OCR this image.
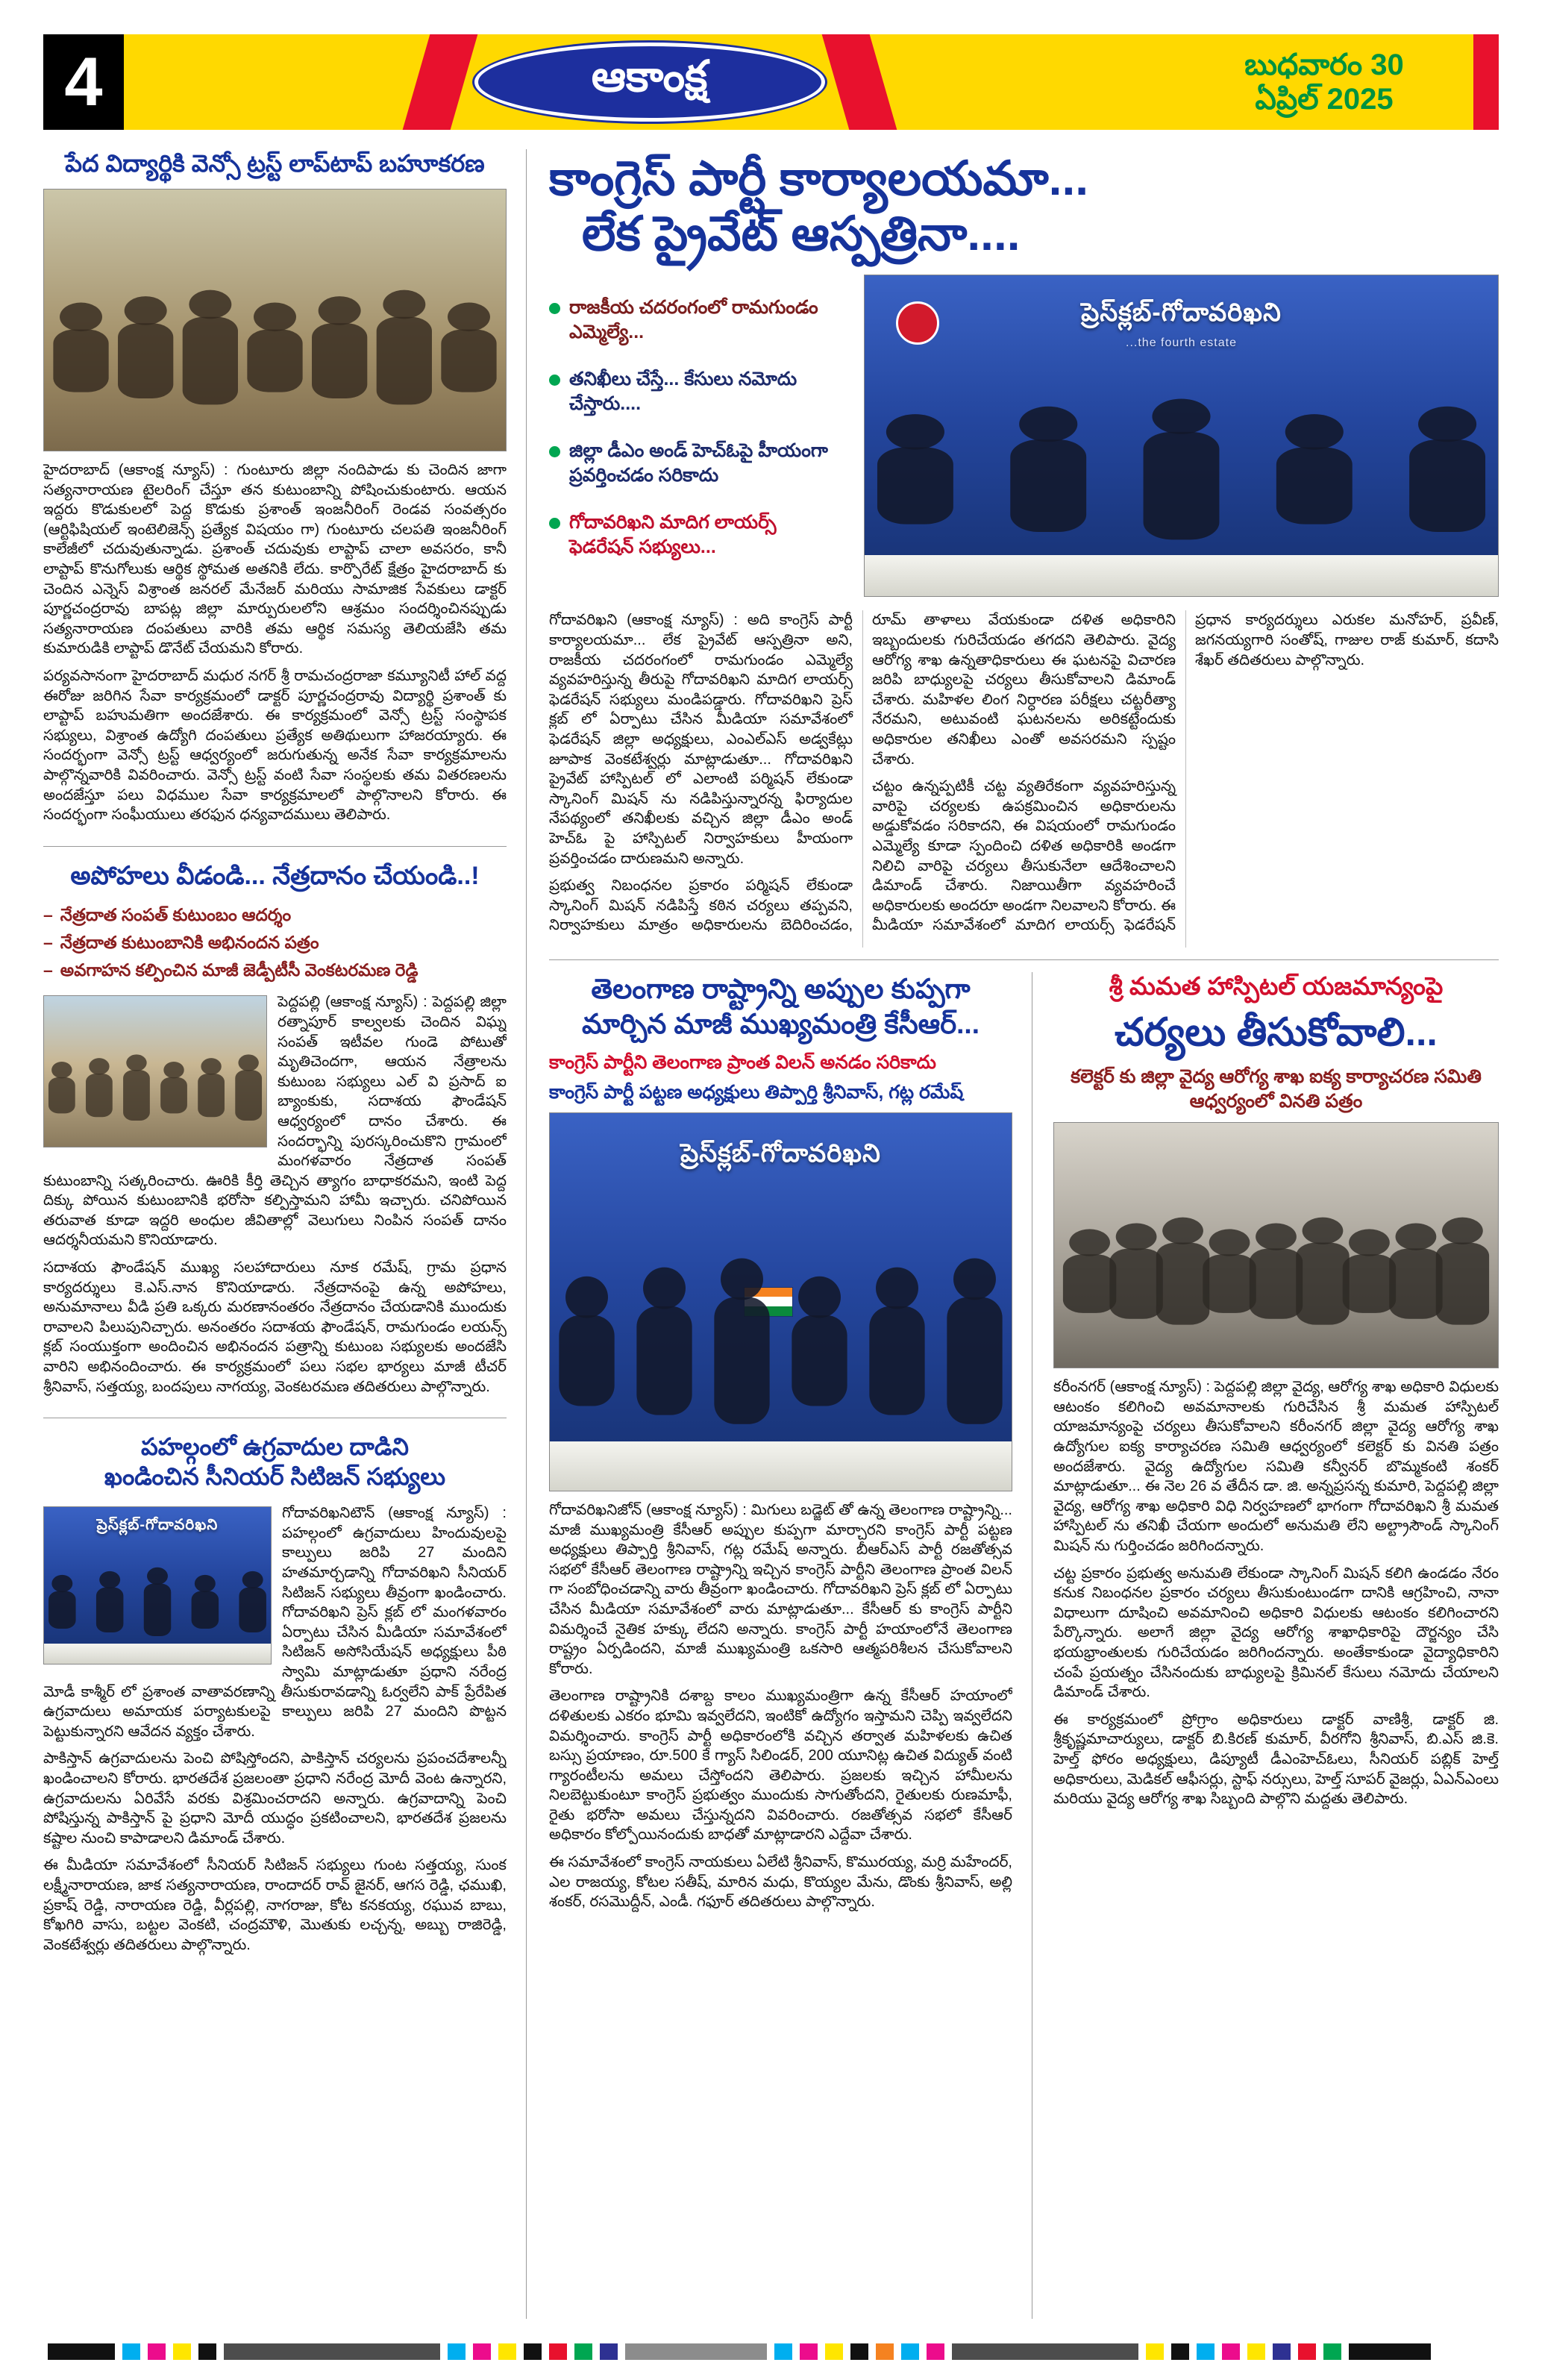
4	ఆకాంక్ష	బుధవారం 30
ఏప్రిల్ 2025
పేద విద్యార్థికి వెన్సో ట్రస్ట్ లాప్‌టాప్ బహూకరణ

హైదరాబాద్ (ఆకాంక్ష న్యూస్) : గుంటూరు జిల్లా నందిపాడు కు చెందిన జాగా సత్యనారాయణ టైలరింగ్ చేస్తూ తన కుటుంబాన్ని పోషించుకుంటారు. ఆయన ఇద్దరు కొడుకులలో పెద్ద కొడుకు ప్రశాంత్ ఇంజనీరింగ్ రెండవ సంవత్సరం (ఆర్టిఫిషియల్ ఇంటెలిజెన్స్ ప్రత్యేక విషయం గా) గుంటూరు చలపతి ఇంజనీరింగ్ కాలేజీలో చదువుతున్నాడు. ప్రశాంత్ చదువుకు లాప్టాప్ చాలా అవసరం, కానీ లాప్టాప్ కొనుగోలుకు ఆర్థిక స్థోమత అతనికి లేదు. కార్పొరేట్ క్షేత్రం హైదరాబాద్ కు చెందిన ఎన్నెస్ విశ్రాంత జనరల్ మేనేజర్ మరియు సామాజిక సేవకులు డాక్టర్ పూర్ణచంద్రరావు బాపట్ల జిల్లా మార్పురులలోని ఆశ్రమం సందర్శించినప్పుడు సత్యనారాయణ దంపతులు వారికి తమ ఆర్థిక సమస్య తెలియజేసి తమ కుమారుడికి లాప్టాప్ డొనేట్ చేయమని కోరారు.

పర్యవసానంగా హైదరాబాద్ మధుర నగర్ శ్రీ రామచంద్రరాజా కమ్యూనిటీ హాల్ వద్ద ఈరోజు జరిగిన సేవా కార్యక్రమంలో డాక్టర్ పూర్ణచంద్రరావు విద్యార్థి ప్రశాంత్ కు లాప్టాప్ బహుమతిగా అందజేశారు. ఈ కార్యక్రమంలో వెన్సో ట్రస్ట్ సంస్థాపక సభ్యులు, విశ్రాంత ఉద్యోగి దంపతులు ప్రత్యేక అతిథులుగా హాజరయ్యారు. ఈ సందర్భంగా వెన్సో ట్రస్ట్ ఆధ్వర్యంలో జరుగుతున్న అనేక సేవా కార్యక్రమాలను పాల్గొన్నవారికి వివరించారు. వెన్సో ట్రస్ట్ వంటి సేవా సంస్థలకు తమ వితరణలను అందజేస్తూ పలు విధముల సేవా కార్యక్రమాలలో పాల్గొనాలని కోరారు. ఈ సందర్భంగా సంఘీయులు తరఫున ధన్యవాదములు తెలిపారు.

అపోహలు వీడండి... నేత్రదానం చేయండి..!
– నేత్రదాత సంపత్ కుటుంబం ఆదర్శం
– నేత్రదాత కుటుంబానికి అభినందన పత్రం
– అవగాహన కల్పించిన మాజీ జెడ్పీటీసీ వెంకటరమణ రెడ్డి

పెద్దపల్లి (ఆకాంక్ష న్యూస్) : పెద్దపల్లి జిల్లా రత్నాపూర్ కాల్వలకు చెందిన విఘ్న సంపత్ ఇటీవల గుండె పోటుతో మృతిచెందగా, ఆయన నేత్రాలను కుటుంబ సభ్యులు ఎల్ వి ప్రసాద్ ఐ బ్యాంకుకు, సదాశయ ఫౌండేషన్ ఆధ్వర్యంలో దానం చేశారు. ఈ సందర్భాన్ని పురస్కరించుకొని గ్రామంలో మంగళవారం నేత్రదాత సంపత్ కుటుంబాన్ని సత్కరించారు. ఊరికి కీర్తి తెచ్చిన త్యాగం బాధాకరమని, ఇంటి పెద్ద దిక్కు పోయిన కుటుంబానికి భరోసా కల్పిస్తామని హామీ ఇచ్చారు. చనిపోయిన తరువాత కూడా ఇద్దరి అంధుల జీవితాల్లో వెలుగులు నింపిన సంపత్ దానం ఆదర్శనీయమని కొనియాడారు.

సదాశయ ఫౌండేషన్ ముఖ్య సలహాదారులు నూక రమేష్, గ్రామ ప్రధాన కార్యదర్శులు కె.ఎస్.నాన కొనియాడారు. నేత్రదానంపై ఉన్న అపోహలు, అనుమానాలు వీడి ప్రతి ఒక్కరు మరణానంతరం నేత్రదానం చేయడానికి ముందుకు రావాలని పిలుపునిచ్చారు. అనంతరం సదాశయ ఫౌండేషన్, రామగుండం లయన్స్ క్లబ్ సంయుక్తంగా అందించిన అభినందన పత్రాన్ని కుటుంబ సభ్యులకు అందజేసి వారిని అభినందించారు. ఈ కార్యక్రమంలో పలు సభల భార్యలు మాజీ టీచర్ శ్రీనివాస్, సత్తయ్య, బందపులు నాగయ్య, వెంకటరమణ తదితరులు పాల్గొన్నారు.

పహల్గంలో ఉగ్రవాదుల దాడిని
ఖండించిన సీనియర్ సిటిజన్ సభ్యులు
ప్రెస్‌క్లబ్-గోదావరిఖని

గోదావరిఖనిటౌన్ (ఆకాంక్ష న్యూస్) : పహల్గంలో ఉగ్రవాదులు హిందువులపై కాల్పులు జరిపి 27 మందిని హతమార్చడాన్ని గోదావరిఖని సీనియర్ సిటిజన్ సభ్యులు తీవ్రంగా ఖండించారు. గోదావరిఖని ప్రెస్ క్లబ్ లో మంగళవారం ఏర్పాటు చేసిన మీడియా సమావేశంలో సిటిజన్ అసోసియేషన్ అధ్యక్షులు పీఠి స్వామి మాట్లాడుతూ ప్రధాని నరేంద్ర మోడీ కాశ్మీర్ లో ప్రశాంత వాతావరణాన్ని తీసుకురావడాన్ని ఓర్వలేని పాక్ ప్రేరేపిత ఉగ్రవాదులు అమాయక పర్యాటకులపై కాల్పులు జరిపి 27 మందిని పొట్టన పెట్టుకున్నారని ఆవేదన వ్యక్తం చేశారు.

పాకిస్తాన్ ఉగ్రవాదులను పెంచి పోషిస్తోందని, పాకిస్తాన్ చర్యలను ప్రపంచదేశాలన్నీ ఖండించాలని కోరారు. భారతదేశ ప్రజలంతా ప్రధాని నరేంద్ర మోదీ వెంట ఉన్నారని, ఉగ్రవాదులను ఏరివేసే వరకు విశ్రమించరాదని అన్నారు. ఉగ్రవాదాన్ని పెంచి పోషిస్తున్న పాకిస్తాన్ పై ప్రధాని మోదీ యుద్ధం ప్రకటించాలని, భారతదేశ ప్రజలను కష్టాల నుంచి కాపాడాలని డిమాండ్ చేశారు.

ఈ మీడియా సమావేశంలో సీనియర్ సిటిజన్ సభ్యులు గుంట సత్తయ్య, సుంక లక్ష్మీనారాయణ, జాక సత్యనారాయణ, రాందాదర్ రావ్ జైనర్, ఆగస రెడ్డి, ఛముఖి, ప్రకాష్ రెడ్డి, నారాయణ రెడ్డి, వీర్లపల్లి, నాగరాజు, కోట కనకయ్య, రఘువ బాబు, కోఖగిరి వాసు, బట్టల వెంకటి, చంద్రమౌళి, మొతుకు లచ్చన్న, అబ్బు రాజిరెడ్డి, వెంకటేశ్వర్లు తదితరులు పాల్గొన్నారు.

కాంగ్రెస్ పార్టీ కార్యాలయమా...
లేక ప్రైవేట్ ఆస్పత్రినా....
రాజకీయ చదరంగంలో రామగుండం ఎమ్మెల్యే...
తనిఖీలు చేస్తే... కేసులు నమోదు చేస్తారు....
జిల్లా డీఎం అండ్ హెచ్ఓపై హీయంగా ప్రవర్తించడం సరికాదు
గోదావరిఖని మాదిగ లాయర్స్ ఫెడరేషన్ సభ్యులు...
ప్రెస్‌క్లబ్-గోదావరిఖని
...the fourth estate

గోదావరిఖని (ఆకాంక్ష న్యూస్) : అది కాంగ్రెస్ పార్టీ కార్యాలయమా... లేక ప్రైవేట్ ఆస్పత్రినా అని, రాజకీయ చదరంగంలో రామగుండం ఎమ్మెల్యే వ్యవహరిస్తున్న తీరుపై గోదావరిఖని మాదిగ లాయర్స్ ఫెడరేషన్ సభ్యులు మండిపడ్డారు. గోదావరిఖని ప్రెస్ క్లబ్ లో ఏర్పాటు చేసిన మీడియా సమావేశంలో ఫెడరేషన్ జిల్లా అధ్యక్షులు, ఎంఎల్ఎస్ అడ్వకేట్లు జూపాక వెంకటేశ్వర్లు మాట్లాడుతూ... గోదావరిఖని ప్రైవేట్ హాస్పిటల్ లో ఎలాంటి పర్మిషన్ లేకుండా స్కానింగ్ మిషన్ ను నడిపిస్తున్నారన్న ఫిర్యాదుల నేపథ్యంలో తనిఖీలకు వచ్చిన జిల్లా డీఎం అండ్ హెచ్ఓ పై హాస్పిటల్ నిర్వాహకులు హీయంగా ప్రవర్తించడం దారుణమని అన్నారు.

ప్రభుత్వ నిబంధనల ప్రకారం పర్మిషన్ లేకుండా స్కానింగ్ మిషన్ నడిపిస్తే కఠిన చర్యలు తప్పవని, నిర్వాహకులు మాత్రం అధికారులను బెదిరించడం, రూమ్ తాళాలు వేయకుండా దళిత అధికారిని ఇబ్బందులకు గురిచేయడం తగదని తెలిపారు. వైద్య ఆరోగ్య శాఖ ఉన్నతాధికారులు ఈ ఘటనపై విచారణ జరిపి బాధ్యులపై చర్యలు తీసుకోవాలని డిమాండ్ చేశారు. మహిళల లింగ నిర్ధారణ పరీక్షలు చట్టరీత్యా నేరమని, అటువంటి ఘటనలను అరికట్టేందుకు అధికారుల తనిఖీలు ఎంతో అవసరమని స్పష్టం చేశారు.

చట్టం ఉన్నప్పటికీ చట్ట వ్యతిరేకంగా వ్యవహరిస్తున్న వారిపై చర్యలకు ఉపక్రమించిన అధికారులను అడ్డుకోవడం సరికాదని, ఈ విషయంలో రామగుండం ఎమ్మెల్యే కూడా స్పందించి దళిత అధికారికి అండగా నిలిచి వారిపై చర్యలు తీసుకునేలా ఆదేశించాలని డిమాండ్ చేశారు. నిజాయితీగా వ్యవహరించే అధికారులకు అందరూ అండగా నిలవాలని కోరారు. ఈ మీడియా సమావేశంలో మాదిగ లాయర్స్ ఫెడరేషన్ ప్రధాన కార్యదర్శులు ఎరుకల మనోహర్, ప్రవీణ్, జగనయ్యగారి సంతోష్, గాజుల రాజ్ కుమార్, కదాసి శేఖర్ తదితరులు పాల్గొన్నారు.

తెలంగాణ రాష్ట్రాన్ని అప్పుల కుప్పగా మార్చిన మాజీ ముఖ్యమంత్రి కేసీఆర్...
కాంగ్రెస్ పార్టీని తెలంగాణ ప్రాంత విలన్ అనడం సరికాదు
కాంగ్రెస్ పార్టీ పట్టణ అధ్యక్షులు తిప్పార్తి శ్రీనివాస్, గట్ల రమేష్
ప్రెస్‌క్లబ్-గోదావరిఖని

గోదావరిఖనిజోన్ (ఆకాంక్ష న్యూస్) : మిగులు బడ్జెట్ తో ఉన్న తెలంగాణ రాష్ట్రాన్ని... మాజీ ముఖ్యమంత్రి కేసీఆర్ అప్పుల కుప్పగా మార్చారని కాంగ్రెస్ పార్టీ పట్టణ అధ్యక్షులు తిప్పార్తి శ్రీనివాస్, గట్ల రమేష్ అన్నారు. బీఆర్ఎస్ పార్టీ రజతోత్సవ సభలో కేసీఆర్ తెలంగాణ రాష్ట్రాన్ని ఇచ్చిన కాంగ్రెస్ పార్టీని తెలంగాణ ప్రాంత విలన్ గా సంబోధించడాన్ని వారు తీవ్రంగా ఖండించారు. గోదావరిఖని ప్రెస్ క్లబ్ లో ఏర్పాటు చేసిన మీడియా సమావేశంలో వారు మాట్లాడుతూ... కేసీఆర్ కు కాంగ్రెస్ పార్టీని విమర్శించే నైతిక హక్కు లేదని అన్నారు. కాంగ్రెస్ పార్టీ హయాంలోనే తెలంగాణ రాష్ట్రం ఏర్పడిందని, మాజీ ముఖ్యమంత్రి ఒకసారి ఆత్మపరిశీలన చేసుకోవాలని కోరారు.

తెలంగాణ రాష్ట్రానికి దశాబ్ద కాలం ముఖ్యమంత్రిగా ఉన్న కేసీఆర్ హయాంలో దళితులకు ఎకరం భూమి ఇవ్వలేదని, ఇంటికో ఉద్యోగం ఇస్తామని చెప్పి ఇవ్వలేదని విమర్శించారు. కాంగ్రెస్ పార్టీ అధికారంలోకి వచ్చిన తర్వాత మహిళలకు ఉచిత బస్సు ప్రయాణం, రూ.500 కే గ్యాస్ సిలిండర్, 200 యూనిట్ల ఉచిత విద్యుత్ వంటి గ్యారంటీలను అమలు చేస్తోందని తెలిపారు. ప్రజలకు ఇచ్చిన హామీలను నిలబెట్టుకుంటూ కాంగ్రెస్ ప్రభుత్వం ముందుకు సాగుతోందని, రైతులకు రుణమాఫీ, రైతు భరోసా అమలు చేస్తున్నదని వివరించారు. రజతోత్సవ సభలో కేసీఆర్ అధికారం కోల్పోయినందుకు బాధతో మాట్లాడారని ఎద్దేవా చేశారు.

ఈ సమావేశంలో కాంగ్రెస్ నాయకులు ఏలేటి శ్రీనివాస్, కొమురయ్య, మర్రి మహేందర్, ఎల రాజయ్య, కోటల సతీష్, మారిన మధు, కొయ్యల మేను, డొంకు శ్రీనివాస్, అల్లి శంకర్, రసమొద్దీన్, ఎండీ. గఫూర్ తదితరులు పాల్గొన్నారు.

శ్రీ మమత హాస్పిటల్ యజమాన్యంపై
చర్యలు తీసుకోవాలి...
కలెక్టర్ కు జిల్లా వైద్య ఆరోగ్య శాఖ ఐక్య కార్యాచరణ సమితి ఆధ్వర్యంలో వినతి పత్రం

కరీంనగర్ (ఆకాంక్ష న్యూస్) : పెద్దపల్లి జిల్లా వైద్య, ఆరోగ్య శాఖ అధికారి విధులకు ఆటంకం కలిగించి అవమానాలకు గురిచేసిన శ్రీ మమత హాస్పిటల్ యాజమాన్యంపై చర్యలు తీసుకోవాలని కరీంనగర్ జిల్లా వైద్య ఆరోగ్య శాఖ ఉద్యోగుల ఐక్య కార్యాచరణ సమితి ఆధ్వర్యంలో కలెక్టర్ కు వినతి పత్రం అందజేశారు. వైద్య ఉద్యోగుల సమితి కన్వీనర్ బొమ్మకంటి శంకర్ మాట్లాడుతూ... ఈ నెల 26 వ తేదీన డా. జి. అన్నప్రసన్న కుమారి, పెద్దపల్లి జిల్లా వైద్య, ఆరోగ్య శాఖ అధికారి విధి నిర్వహణలో భాగంగా గోదావరిఖని శ్రీ మమత హాస్పిటల్ ను తనిఖీ చేయగా అందులో అనుమతి లేని అల్ట్రాసౌండ్ స్కానింగ్ మిషన్ ను గుర్తించడం జరిగిందన్నారు.

చట్ట ప్రకారం ప్రభుత్వ అనుమతి లేకుండా స్కానింగ్ మిషన్ కలిగి ఉండడం నేరం కనుక నిబంధనల ప్రకారం చర్యలు తీసుకుంటుండగా దానికి ఆగ్రహించి, నానా విధాలుగా దూషించి అవమానించి అధికారి విధులకు ఆటంకం కలిగించారని పేర్కొన్నారు. అలాగే జిల్లా వైద్య ఆరోగ్య శాఖాధికారిపై దౌర్జన్యం చేసి భయభ్రాంతులకు గురిచేయడం జరిగిందన్నారు. అంతేకాకుండా వైద్యాధికారిని చంపే ప్రయత్నం చేసినందుకు బాధ్యులపై క్రిమినల్ కేసులు నమోదు చేయాలని డిమాండ్ చేశారు.

ఈ కార్యక్రమంలో ప్రోగ్రాం అధికారులు డాక్టర్ వాణిశ్రీ, డాక్టర్ జి. శ్రీకృష్ణమాచార్యులు, డాక్టర్ బి.కిరణ్ కుమార్, వీరగోని శ్రీనివాస్, బి.ఎస్ జి.కె. హెల్త్ ఫోరం అధ్యక్షులు, డిప్యూటీ డీఎంహెచ్ఓలు, సీనియర్ పబ్లిక్ హెల్త్ అధికారులు, మెడికల్ ఆఫీసర్లు, స్టాఫ్ నర్సులు, హెల్త్ సూపర్ వైజర్లు, ఏఎన్ఎంలు మరియు వైద్య ఆరోగ్య శాఖ సిబ్బంది పాల్గొని మద్దతు తెలిపారు.
